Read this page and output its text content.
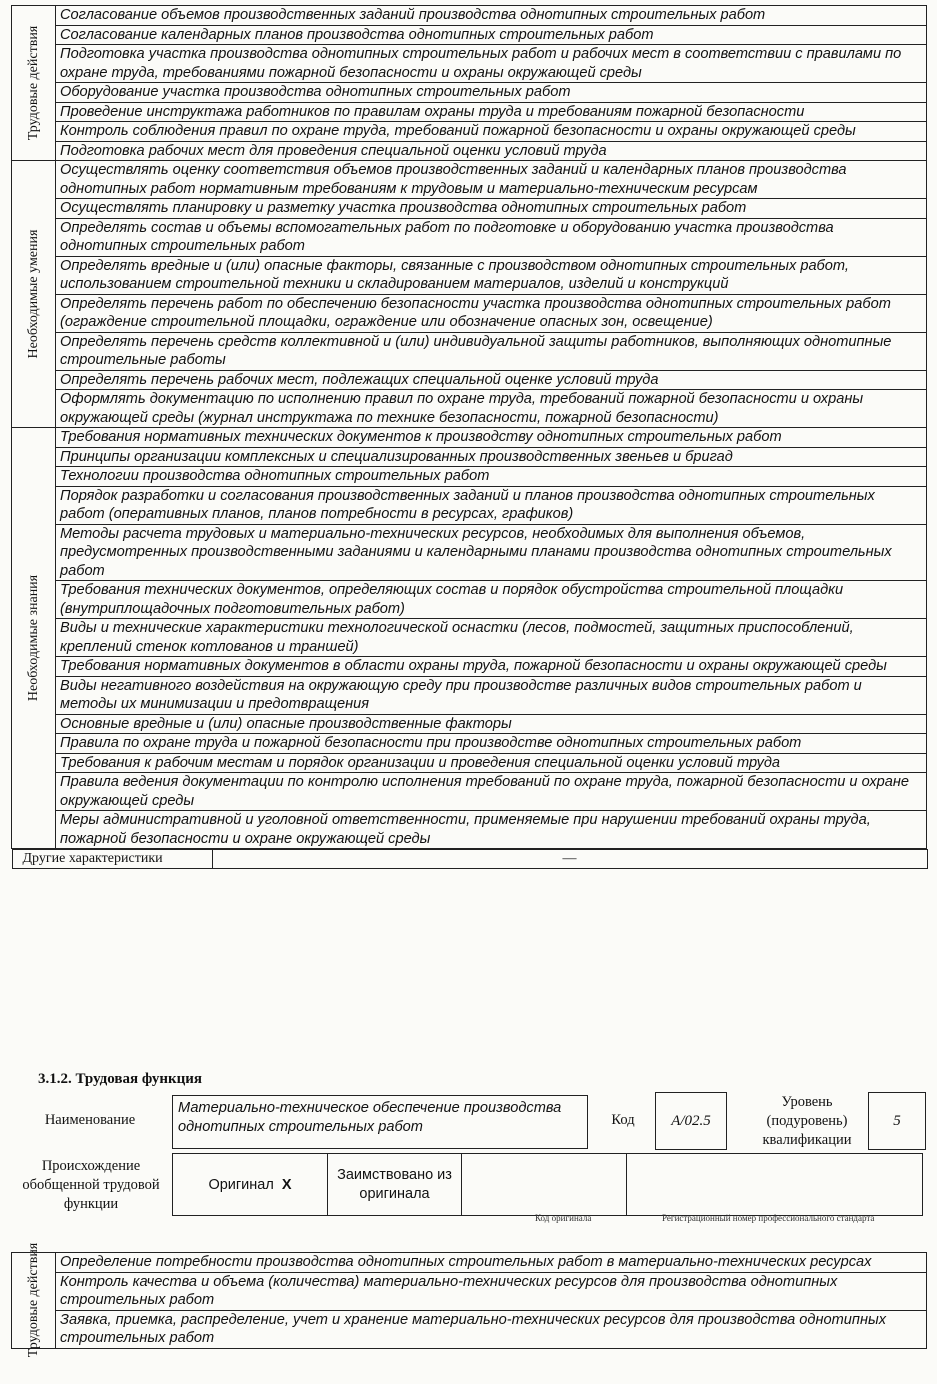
Трудовые действия
	Согласование объемов производственных заданий производства однотипных строительных работ
Согласование календарных планов производства однотипных строительных работ
Подготовка участка производства однотипных строительных работ и рабочих мест в соответствии с правилами по охране труда, требованиями пожарной безопасности и охраны окружающей среды
Оборудование участка производства однотипных строительных работ
Проведение инструктажа работников по правилам охраны труда и требованиям пожарной безопасности
Контроль соблюдения правил по охране труда, требований пожарной безопасности и охраны окружающей среды
Подготовка рабочих мест для проведения специальной оценки условий труда

Необходимые умения
	Осуществлять оценку соответствия объемов производственных заданий и календарных планов производства однотипных работ нормативным требованиям к трудовым и материально-техническим ресурсам
Осуществлять планировку и разметку участка производства однотипных строительных работ
Определять состав и объемы вспомогательных работ по подготовке и оборудованию участка производства однотипных строительных работ
Определять вредные и (или) опасные факторы, связанные с производством однотипных строительных работ, использованием строительной техники и складированием материалов, изделий и конструкций
Определять перечень работ по обеспечению безопасности участка производства однотипных строительных работ (ограждение строительной площадки, ограждение или обозначение опасных зон, освещение)
Определять перечень средств коллективной и (или) индивидуальной защиты работников, выполняющих однотипные строительные работы
Определять перечень рабочих мест, подлежащих специальной оценке условий труда
Оформлять документацию по исполнению правил по охране труда, требований пожарной безопасности и охраны окружающей среды (журнал инструктажа по технике безопасности, пожарной безопасности)

Необходимые знания
	Требования нормативных технических документов к производству однотипных строительных работ
Принципы организации комплексных и специализированных производственных звеньев и бригад
Технологии производства однотипных строительных работ
Порядок разработки и согласования производственных заданий и планов производства однотипных строительных работ (оперативных планов, планов потребности в ресурсах, графиков)
Методы расчета трудовых и материально-технических ресурсов, необходимых для выполнения объемов, предусмотренных производственными заданиями и календарными планами производства однотипных строительных работ
Требования технических документов, определяющих состав и порядок обустройства строительной площадки (внутриплощадочных подготовительных работ)
Виды и технические характеристики технологической оснастки (лесов, подмостей, защитных приспособлений, креплений стенок котлованов и траншей)
Требования нормативных документов в области охраны труда, пожарной безопасности и охраны окружающей среды
Виды негативного воздействия на окружающую среду при производстве различных видов строительных работ и методы их минимизации и предотвращения
Основные вредные и (или) опасные производственные факторы
Правила по охране труда и пожарной безопасности при производстве однотипных строительных работ
Требования к рабочим местам и порядок организации и проведения специальной оценки условий труда
Правила ведения документации по контролю исполнения требований по охране труда, пожарной безопасности и охране окружающей среды
Меры административной и уголовной ответственности, применяемые при нарушении требований охраны труда, пожарной безопасности и охране окружающей среды

Другие характеристики	—
3.1.2. Трудовая функция
Наименование
Материально-техническое обеспечение производства однотипных строительных работ	Код	A/02.5
Уровень (подуровень) квалификации
5
Происхождение обобщенной трудовой функции
Оригинал X	Заимствовано из оригинала		
Код оригинала	Регистрационный номер профессионального стандарта
Трудовые действия	Определение потребности производства однотипных строительных работ в материально-технических ресурсах
Контроль качества и объема (количества) материально-технических ресурсов для производства однотипных строительных работ
Заявка, приемка, распределение, учет и хранение материально-технических ресурсов для производства однотипных строительных работ
